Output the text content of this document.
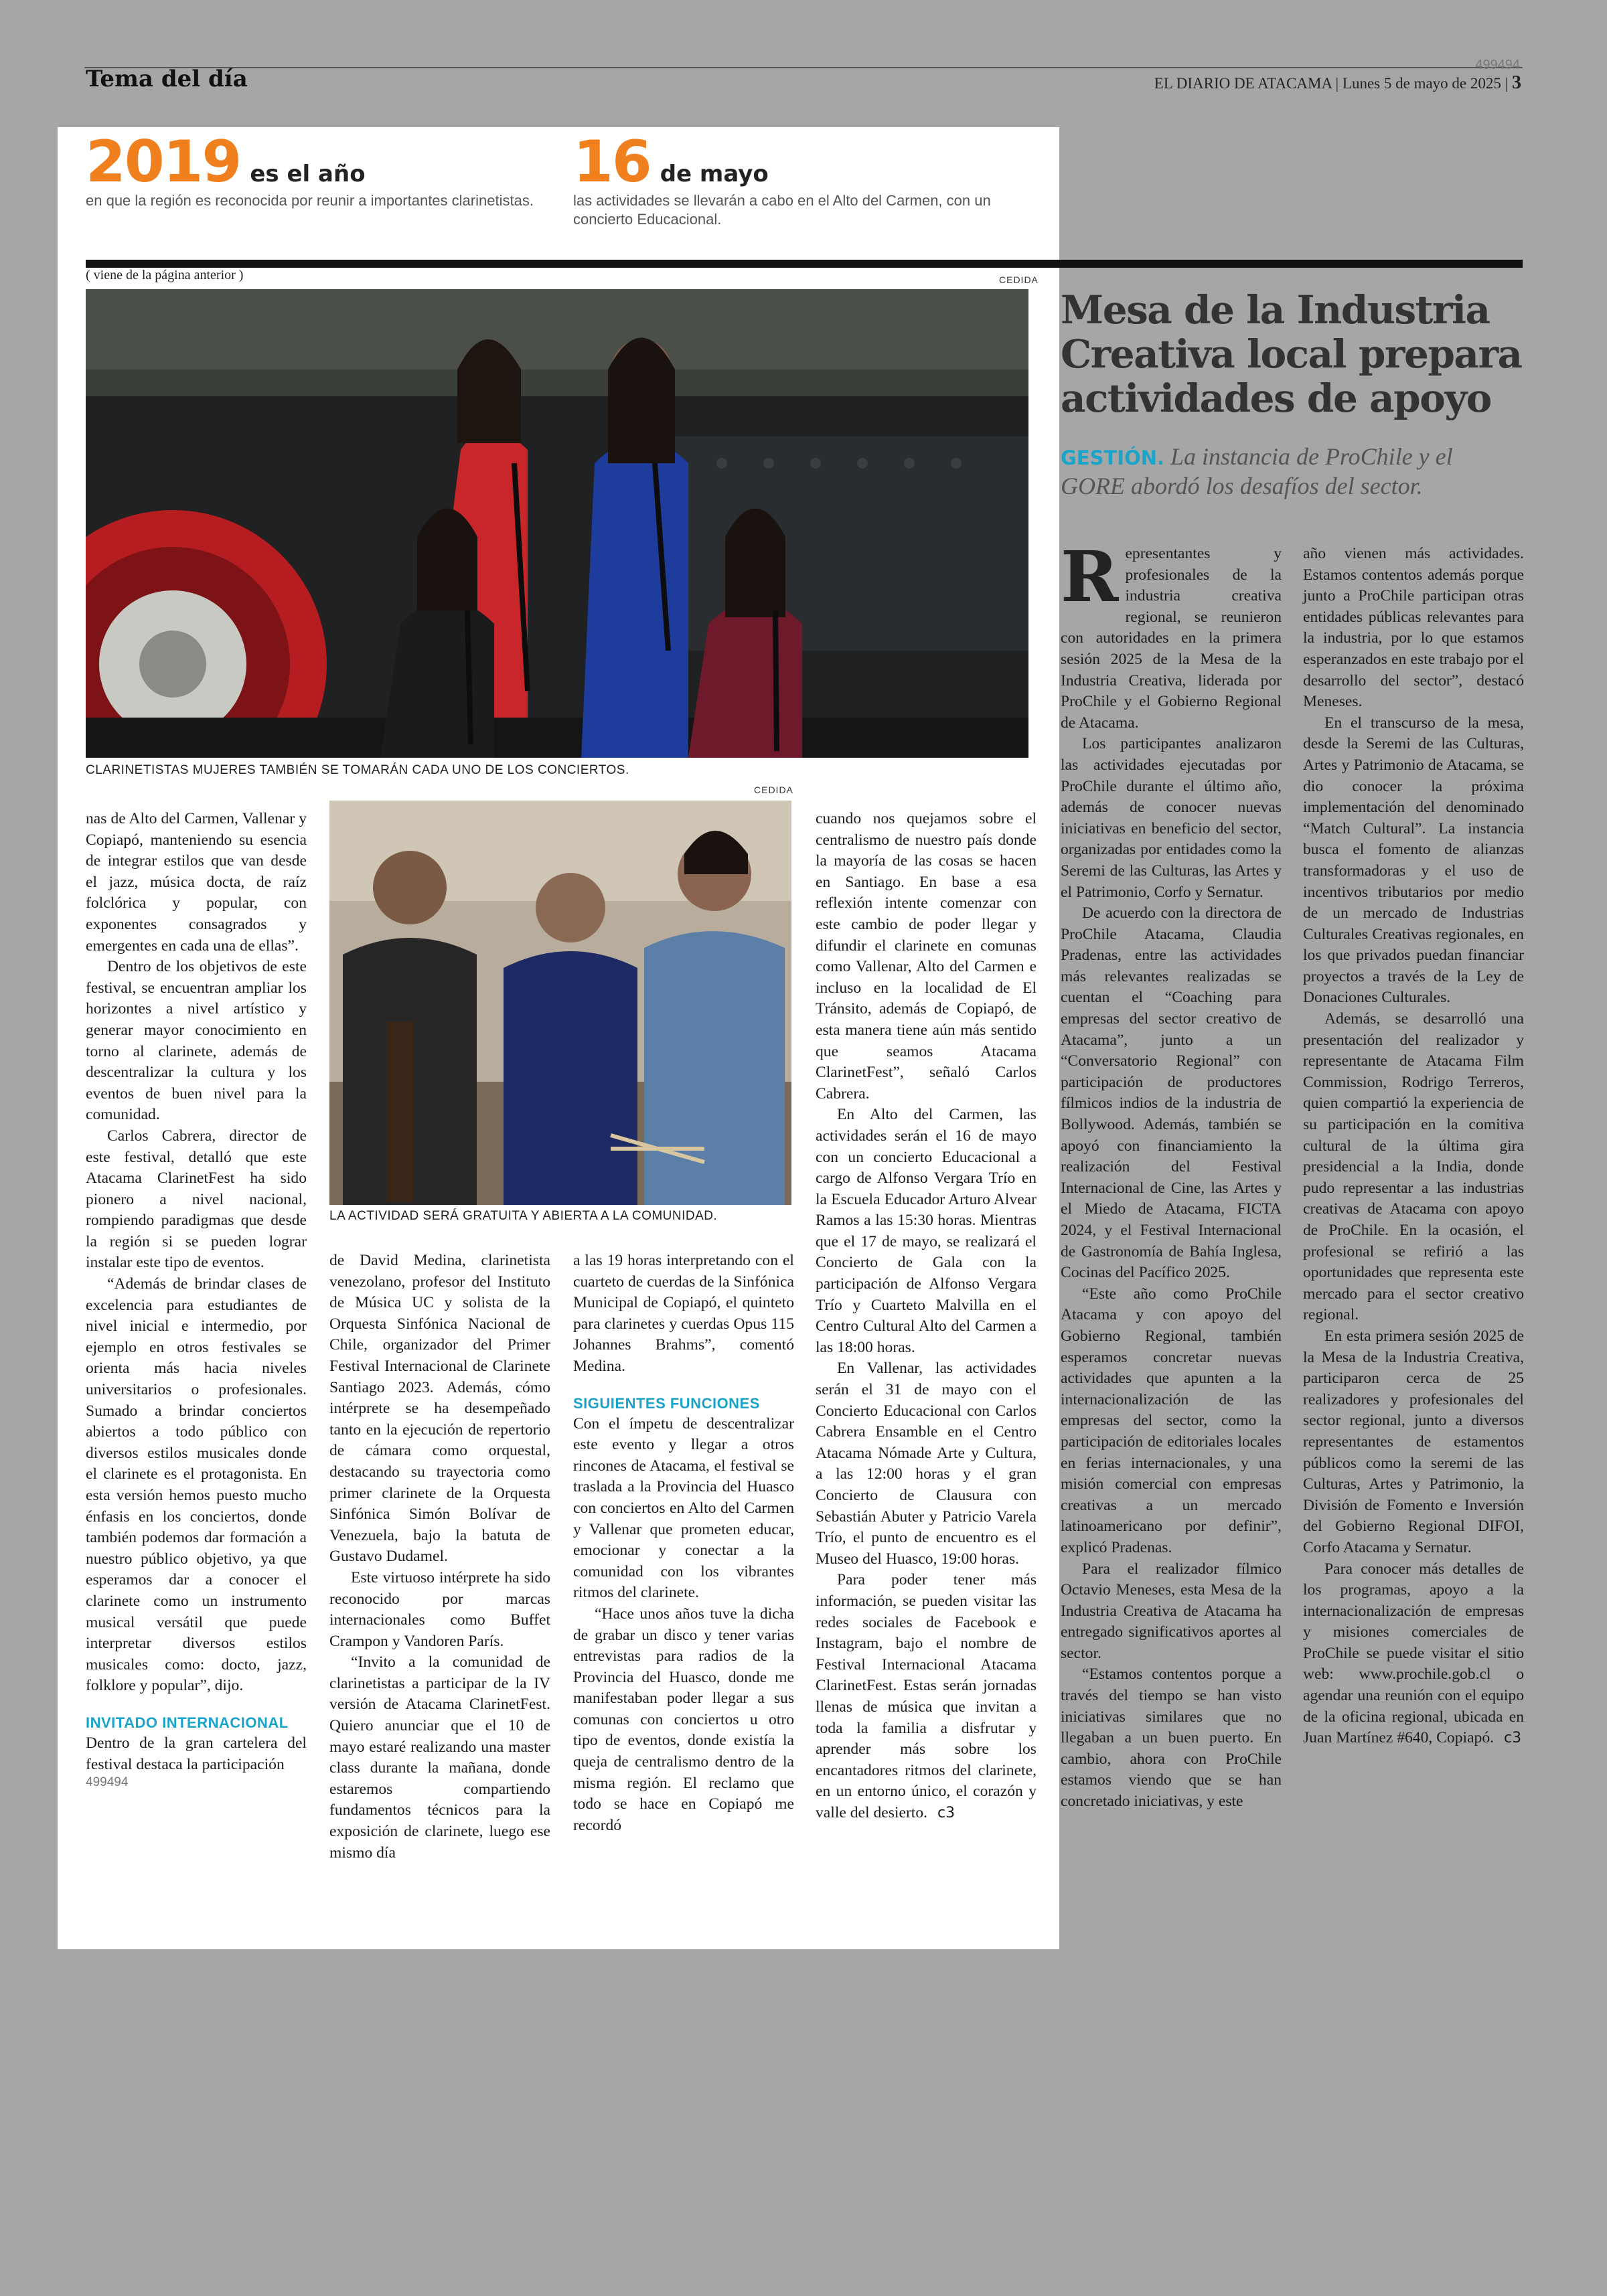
Tema del día
499494
EL DIARIO DE ATACAMA | Lunes 5 de mayo de 2025 | 3
2019 es el año
en que la región es reconocida por reunir a importantes clarinetistas.
16 de mayo
las actividades se llevarán a cabo en el Alto del Carmen, con un concierto Educacional.
( viene de la página anterior )	CEDIDA
CLARINETISTAS MUJERES TAMBIÉN SE TOMARÁN CADA UNO DE LOS CONCIERTOS.
CEDIDA
LA ACTIVIDAD SERÁ GRATUITA Y ABIERTA A LA COMUNIDAD.

nas de Alto del Carmen, Vallenar y Copiapó, manteniendo su esencia de integrar estilos que van desde el jazz, música docta, de raíz folclórica y popular, con exponentes consagrados y emergentes en cada una de ellas”.

Dentro de los objetivos de este festival, se encuentran ampliar los horizontes a nivel artístico y generar mayor conocimiento en torno al clarinete, además de descentralizar la cultura y los eventos de buen nivel para la comunidad.

Carlos Cabrera, director de este festival, detalló que este Atacama ClarinetFest ha sido pionero a nivel nacional, rompiendo paradigmas que desde la región si se pueden lograr instalar este tipo de eventos.

“Además de brindar clases de excelencia para estudiantes de nivel inicial e intermedio, por ejemplo en otros festivales se orienta más hacia niveles universitarios o profesionales. Sumado a brindar conciertos abiertos a todo público con diversos estilos musicales donde el clarinete es el protagonista. En esta versión hemos puesto mucho énfasis en los conciertos, donde también podemos dar formación a nuestro público objetivo, ya que esperamos dar a conocer el clarinete como un instrumento musical versátil que puede interpretar diversos estilos musicales como: docto, jazz, folklore y popular”, dijo.

INVITADO INTERNACIONAL

Dentro de la gran cartelera del festival destaca la participación

499494

de David Medina, clarinetista venezolano, profesor del Instituto de Música UC y solista de la Orquesta Sinfónica Nacional de Chile, organizador del Primer Festival Internacional de Clarinete Santiago 2023. Además, cómo intérprete se ha desempeñado tanto en la ejecución de repertorio de cámara como orquestal, destacando su trayectoria como primer clarinete de la Orquesta Sinfónica Simón Bolívar de Venezuela, bajo la batuta de Gustavo Dudamel.

Este virtuoso intérprete ha sido reconocido por marcas internacionales como Buffet Crampon y Vandoren París.

“Invito a la comunidad de clarinetistas a participar de la IV versión de Atacama ClarinetFest. Quiero anunciar que el 10 de mayo estaré realizando una master class durante la mañana, donde estaremos compartiendo fundamentos técnicos para la exposición de clarinete, luego ese mismo día

a las 19 horas interpretando con el cuarteto de cuerdas de la Sinfónica Municipal de Copiapó, el quinteto para clarinetes y cuerdas Opus 115 Johannes Brahms”, comentó Medina.

SIGUIENTES FUNCIONES

Con el ímpetu de descentralizar este evento y llegar a otros rincones de Atacama, el festival se traslada a la Provincia del Huasco con conciertos en Alto del Carmen y Vallenar que prometen educar, emocionar y conectar a la comunidad con los vibrantes ritmos del clarinete.

“Hace unos años tuve la dicha de grabar un disco y tener varias entrevistas para radios de la Provincia del Huasco, donde me manifestaban poder llegar a sus comunas con conciertos u otro tipo de eventos, donde existía la queja de centralismo dentro de la misma región. El reclamo que todo se hace en Copiapó me recordó

cuando nos quejamos sobre el centralismo de nuestro país donde la mayoría de las cosas se hacen en Santiago. En base a esa reflexión intente comenzar con este cambio de poder llegar y difundir el clarinete en comunas como Vallenar, Alto del Carmen e incluso en la localidad de El Tránsito, además de Copiapó, de esta manera tiene aún más sentido que seamos Atacama ClarinetFest”, señaló Carlos Cabrera.

En Alto del Carmen, las actividades serán el 16 de mayo con un concierto Educacional a cargo de Alfonso Vergara Trío en la Escuela Educador Arturo Alvear Ramos a las 15:30 horas. Mientras que el 17 de mayo, se realizará el Concierto de Gala con la participación de Alfonso Vergara Trío y Cuarteto Malvilla en el Centro Cultural Alto del Carmen a las 18:00 horas.

En Vallenar, las actividades serán el 31 de mayo con el Concierto Educacional con Carlos Cabrera Ensamble en el Centro Atacama Nómade Arte y Cultura, a las 12:00 horas y el gran Concierto de Clausura con Sebastián Abuter y Patricio Varela Trío, el punto de encuentro es el Museo del Huasco, 19:00 horas.

Para poder tener más información, se pueden visitar las redes sociales de Facebook e Instagram, bajo el nombre de Festival Internacional Atacama ClarinetFest. Estas serán jornadas llenas de música que invitan a toda la familia a disfrutar y aprender más sobre los encantadores ritmos del clarinete, en un entorno único, el corazón y valle del desierto. c3

Mesa de la Industria Creativa local prepara actividades de apoyo
GESTIÓN. La instancia de ProChile y el GORE abordó los desafíos del sector.

Representantes y profesionales de la industria creativa regional, se reunieron con autoridades en la primera sesión 2025 de la Mesa de la Industria Creativa, liderada por ProChile y el Gobierno Regional de Atacama.

Los participantes analizaron las actividades ejecutadas por ProChile durante el último año, además de conocer nuevas iniciativas en beneficio del sector, organizadas por entidades como la Seremi de las Culturas, las Artes y el Patrimonio, Corfo y Sernatur.

De acuerdo con la directora de ProChile Atacama, Claudia Pradenas, entre las actividades más relevantes realizadas se cuentan el “Coaching para empresas del sector creativo de Atacama”, junto a un “Conversatorio Regional” con participación de productores fílmicos indios de la industria de Bollywood. Además, también se apoyó con financiamiento la realización del Festival Internacional de Cine, las Artes y el Miedo de Atacama, FICTA 2024, y el Festival Internacional de Gastronomía de Bahía Inglesa, Cocinas del Pacífico 2025.

“Este año como ProChile Atacama y con apoyo del Gobierno Regional, también esperamos concretar nuevas actividades que apunten a la internacionalización de las empresas del sector, como la participación de editoriales locales en ferias internacionales, y una misión comercial con empresas creativas a un mercado latinoamericano por definir”, explicó Pradenas.

Para el realizador fílmico Octavio Meneses, esta Mesa de la Industria Creativa de Atacama ha entregado significativos aportes al sector.

“Estamos contentos porque a través del tiempo se han visto iniciativas similares que no llegaban a un buen puerto. En cambio, ahora con ProChile estamos viendo que se han concretado iniciativas, y este

año vienen más actividades. Estamos contentos además porque junto a ProChile participan otras entidades públicas relevantes para la industria, por lo que estamos esperanzados en este trabajo por el desarrollo del sector”, destacó Meneses.

En el transcurso de la mesa, desde la Seremi de las Culturas, Artes y Patrimonio de Atacama, se dio conocer la próxima implementación del denominado “Match Cultural”. La instancia busca el fomento de alianzas transformadoras y el uso de incentivos tributarios por medio de un mercado de Industrias Culturales Creativas regionales, en los que privados puedan financiar proyectos a través de la Ley de Donaciones Culturales.

Además, se desarrolló una presentación del realizador y representante de Atacama Film Commission, Rodrigo Terreros, quien compartió la experiencia de su participación en la comitiva cultural de la última gira presidencial a la India, donde pudo representar a las industrias creativas de Atacama con apoyo de ProChile. En la ocasión, el profesional se refirió a las oportunidades que representa este mercado para el sector creativo regional.

En esta primera sesión 2025 de la Mesa de la Industria Creativa, participaron cerca de 25 realizadores y profesionales del sector regional, junto a diversos representantes de estamentos públicos como la seremi de las Culturas, Artes y Patrimonio, la División de Fomento e Inversión del Gobierno Regional DIFOI, Corfo Atacama y Sernatur.

Para conocer más detalles de los programas, apoyo a la internacionalización de empresas y misiones comerciales de ProChile se puede visitar el sitio web: www.prochile.gob.cl o agendar una reunión con el equipo de la oficina regional, ubicada en Juan Martínez #640, Copiapó. c3
